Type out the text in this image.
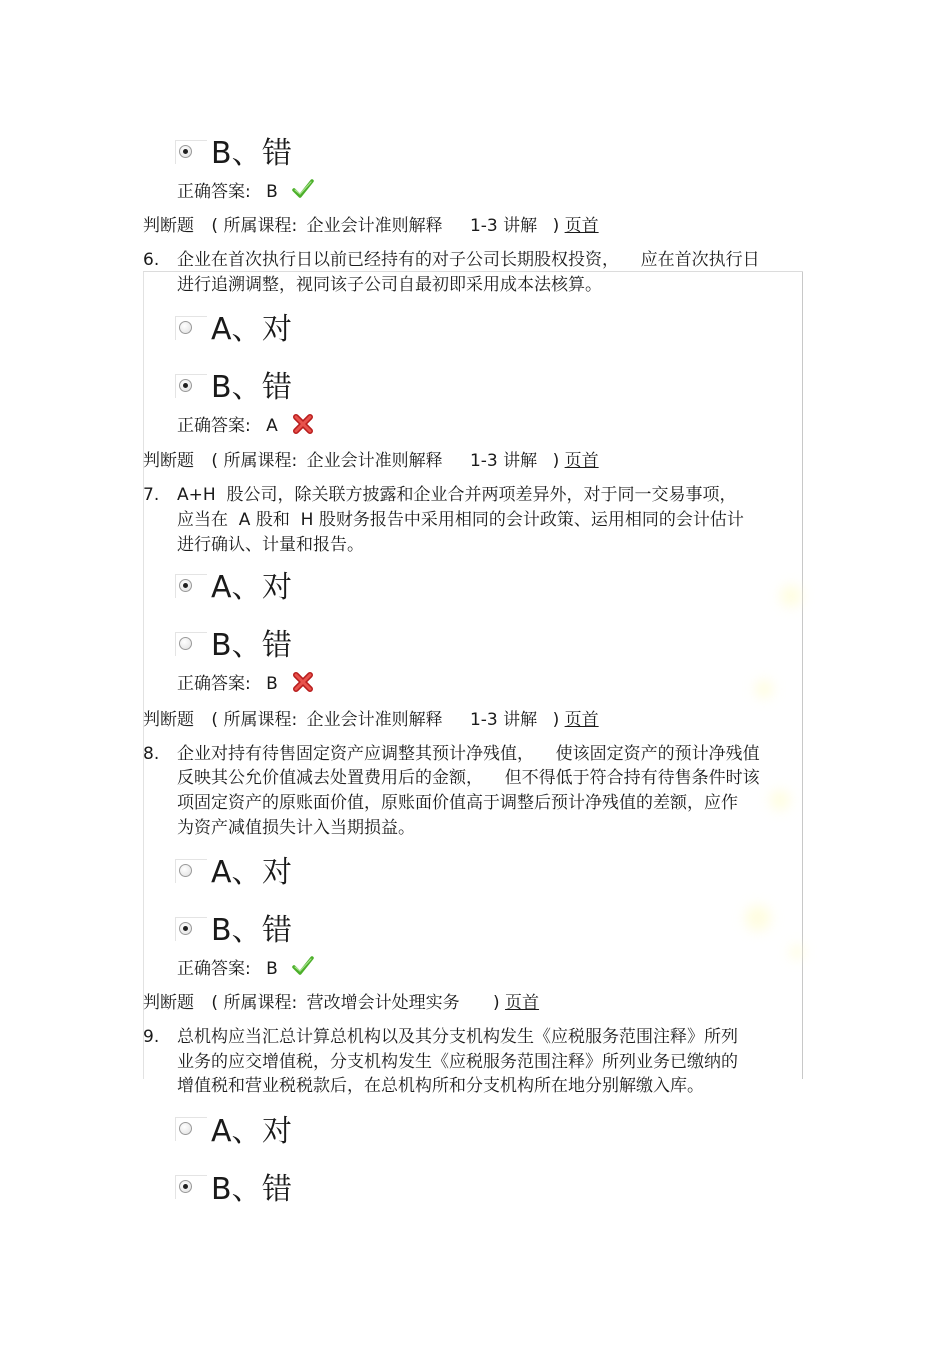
B、 错
正确答案: B
判断题 ( 所属课程: 企业会计准则解释 1-3 讲解 ) 页首
6. 企业在首次执行日以前已经持有的对子公司长期股权投资，    应在首次执行日
进行追溯调整，视同该子公司自最初即采用成本法核算。
A、 对
B、 错
正确答案: A
判断题 ( 所属课程: 企业会计准则解释 1-3 讲解 ) 页首
7. A+H  股公司，除关联方披露和企业合并两项差异外，对于同一交易事项，
应当在  A 股和  H 股财务报告中采用相同的会计政策、运用相同的会计估计
进行确认、计量和报告。
A、 对
B、 错
正确答案: B
判断题 ( 所属课程: 企业会计准则解释 1-3 讲解 ) 页首
8. 企业对持有待售固定资产应调整其预计净残值，    使该固定资产的预计净残值
反映其公允价值减去处置费用后的金额，    但不得低于符合持有待售条件时该
项固定资产的原账面价值，原账面价值高于调整后预计净残值的差额，应作
为资产减值损失计入当期损益。
A、 对
B、 错
正确答案: B
判断题 ( 所属课程: 营改增会计处理实务 ) 页首
9. 总机构应当汇总计算总机构以及其分支机构发生《应税服务范围注释》所列
业务的应交增值税，分支机构发生《应税服务范围注释》所列业务已缴纳的
增值税和营业税税款后，在总机构所和分支机构所在地分别解缴入库。
A、 对
B、 错
